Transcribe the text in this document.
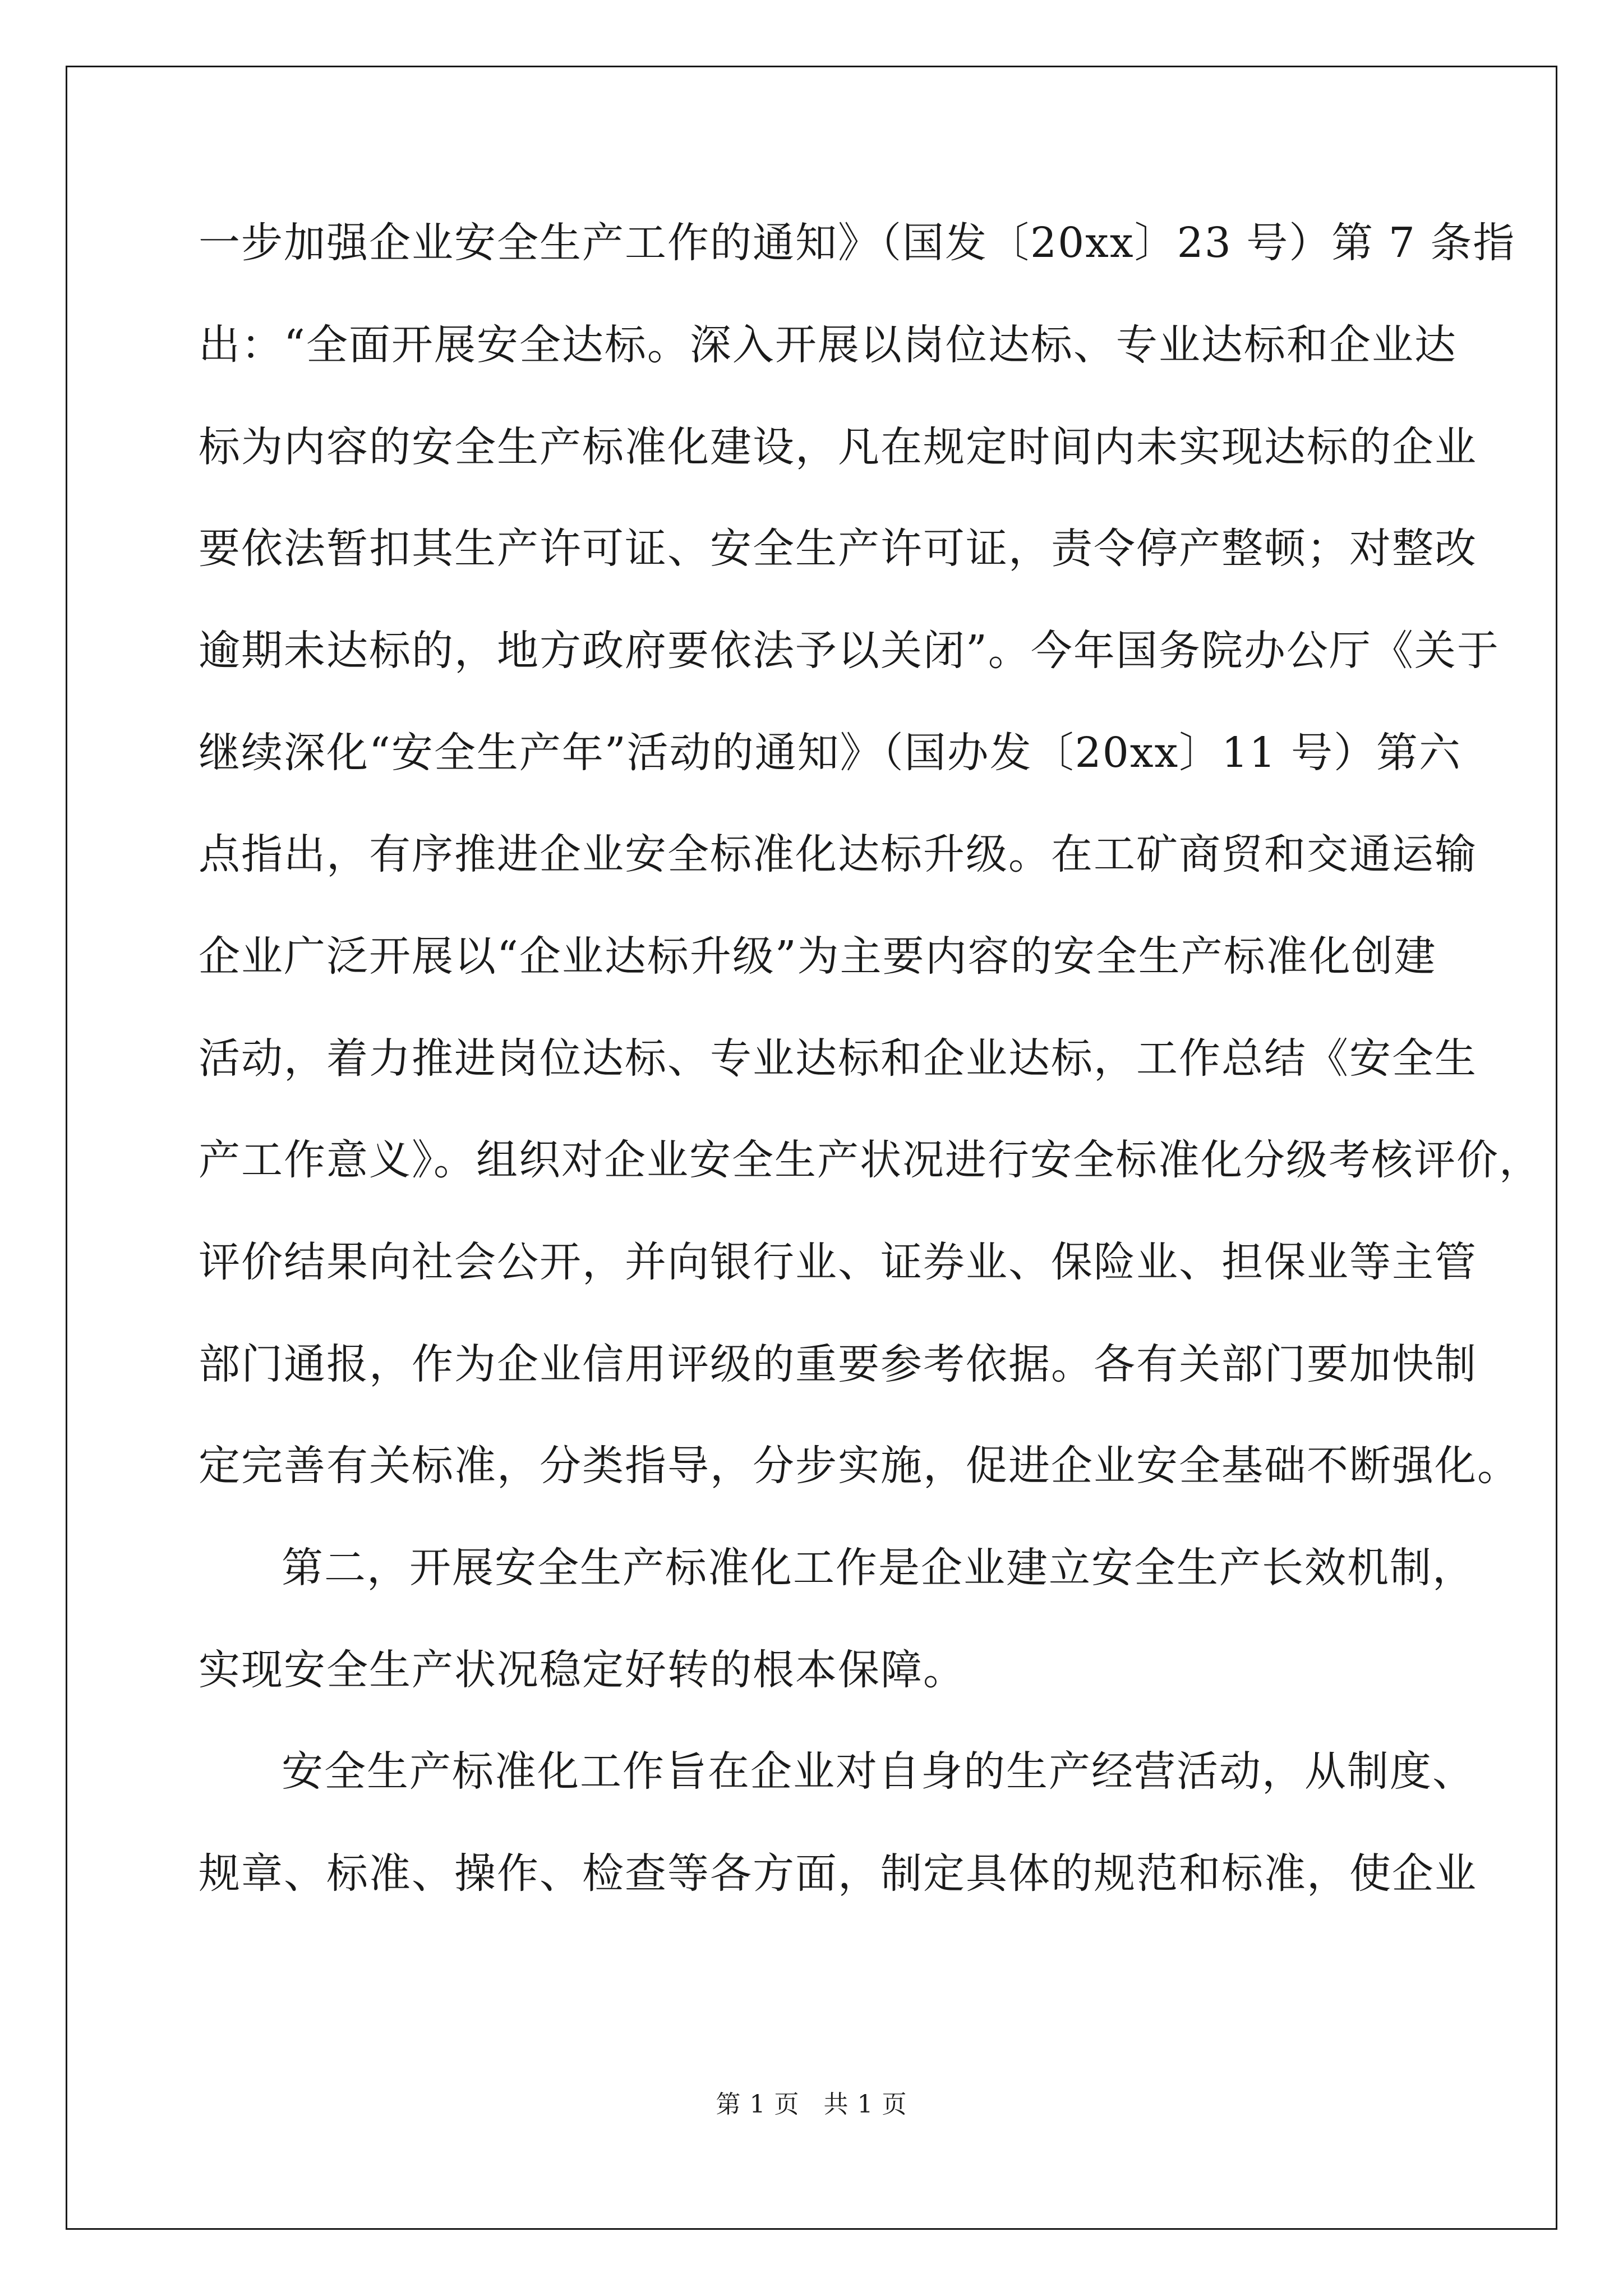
一步加强企业安全生产工作的通知》（国发〔20xx〕23 号）第 7 条指
出：“全面开展安全达标。深入开展以岗位达标、专业达标和企业达
标为内容的安全生产标准化建设，凡在规定时间内未实现达标的企业
要依法暂扣其生产许可证、安全生产许可证，责令停产整顿；对整改
逾期未达标的，地方政府要依法予以关闭”。今年国务院办公厅《关于
继续深化“安全生产年”活动的通知》（国办发〔20xx〕11 号）第六
点指出，有序推进企业安全标准化达标升级。在工矿商贸和交通运输
企业广泛开展以“企业达标升级”为主要内容的安全生产标准化创建
活动，着力推进岗位达标、专业达标和企业达标，工作总结《安全生
产工作意义》。组织对企业安全生产状况进行安全标准化分级考核评价，
评价结果向社会公开，并向银行业、证券业、保险业、担保业等主管
部门通报，作为企业信用评级的重要参考依据。各有关部门要加快制
定完善有关标准，分类指导，分步实施，促进企业安全基础不断强化。
第二，开展安全生产标准化工作是企业建立安全生产长效机制，
实现安全生产状况稳定好转的根本保障。
安全生产标准化工作旨在企业对自身的生产经营活动，从制度、
规章、标准、操作、检查等各方面，制定具体的规范和标准，使企业
第 1 页 共 1 页
